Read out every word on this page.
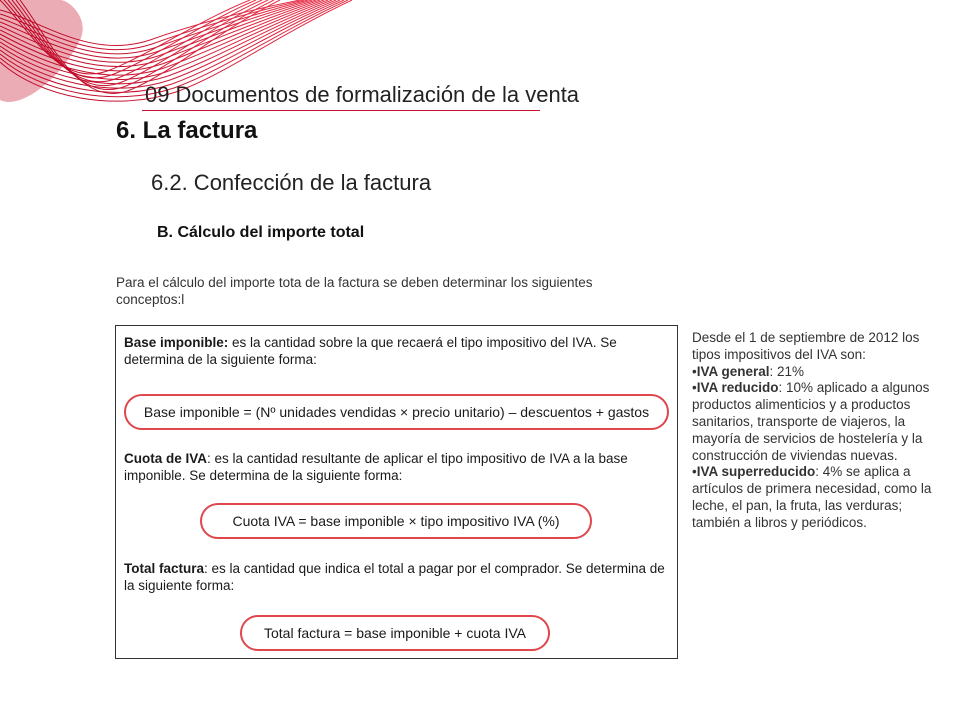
09 Documentos de formalización de la venta
6. La factura
6.2. Confección de la factura
B. Cálculo del importe total
Para el cálculo del importe tota de la factura se deben determinar los siguientes conceptos:l

Base imponible: es la cantidad sobre la que recaerá el tipo impositivo del IVA. Se determina de la siguiente forma:

Base imponible = (Nº unidades vendidas × precio unitario) – descuentos + gastos

Cuota de IVA: es la cantidad resultante de aplicar el tipo impositivo de IVA a la base imponible. Se determina de la siguiente forma:

Cuota IVA = base imponible × tipo impositivo IVA (%)

Total factura: es la cantidad que indica el total a pagar por el comprador. Se determina de la siguiente forma:

Total factura = base imponible + cuota IVA
Desde el 1 de septiembre de 2012 los tipos impositivos del IVA son:
•IVA general: 21%
•IVA reducido: 10% aplicado a algunos productos alimenticios y a productos sanitarios, transporte de viajeros, la mayoría de servicios de hostelería y la construcción de viviendas nuevas.
•IVA superreducido: 4% se aplica a artículos de primera necesidad, como la leche, el pan, la fruta, las verduras; también a libros y periódicos.
